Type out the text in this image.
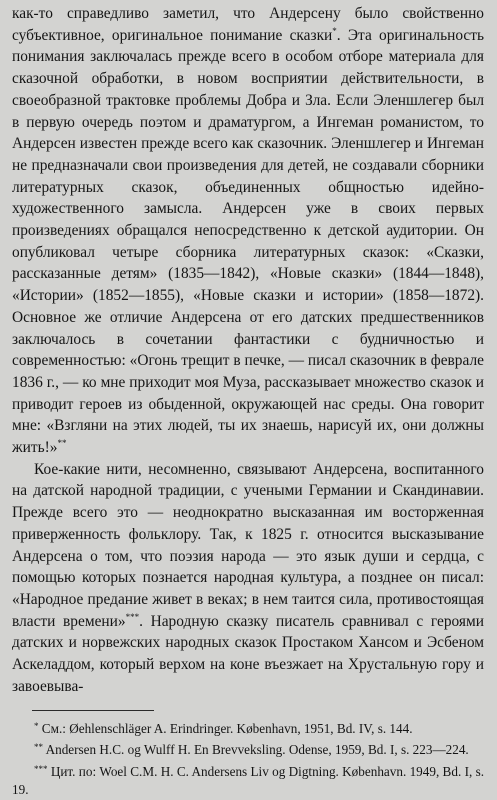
как-то справедливо заметил, что Андерсену было свойственно субъективное, оригинальное понимание сказки*. Эта оригинальность понимания заключалась прежде всего в особом отборе материала для сказочной обработки, в новом восприятии действительности, в своеобразной трактовке проблемы Добра и Зла. Если Эленшлегер был в первую очередь поэтом и драматургом, а Ингеман романистом, то Андерсен известен прежде всего как сказочник. Эленшлегер и Ингеман не предназначали свои произведения для детей, не создавали сборники литературных сказок, объединенных общностью идейно-художественного замысла. Андерсен уже в своих первых произведениях обращался непосредственно к детской аудитории. Он опубликовал четыре сборника литературных сказок: «Сказки, рассказанные детям» (1835—1842), «Новые сказки» (1844—1848), «Истории» (1852—1855), «Новые сказки и истории» (1858—1872). Основное же отличие Андерсена от его датских предшественников заключалось в сочетании фантастики с будничностью и современностью: «Огонь трещит в печке, — писал сказочник в феврале 1836 г., — ко мне приходит моя Муза, рассказывает множество сказок и приводит героев из обыденной, окружающей нас среды. Она говорит мне: «Взгляни на этих людей, ты их знаешь, нарисуй их, они должны жить!»**

Кое-какие нити, несомненно, связывают Андерсена, воспитанного на датской народной традиции, с учеными Германии и Скандинавии. Прежде всего это — неоднократно высказанная им восторженная приверженность фольклору. Так, к 1825 г. относится высказывание Андерсена о том, что поэзия народа — это язык души и сердца, с помощью которых познается народная культура, а позднее он писал: «Народное предание живет в веках; в нем таится сила, противостоящая власти времени»***. Народную сказку писатель сравнивал с героями датских и норвежских народных сказок Простаком Хансом и Эсбеном Аскеладдом, который верхом на коне въезжает на Хрустальную гору и завоевыва-

* См.: Øehlenschläger A. Erindringer. København, 1951, Bd. IV, s. 144.

** Andersen H.C. og Wulff H. En Brevveksling. Odense, 1959, Bd. I, s. 223—224.

*** Цит. по: Woel C.M. H. C. Andersens Liv og Digtning. København. 1949, Bd. I, s. 19.
